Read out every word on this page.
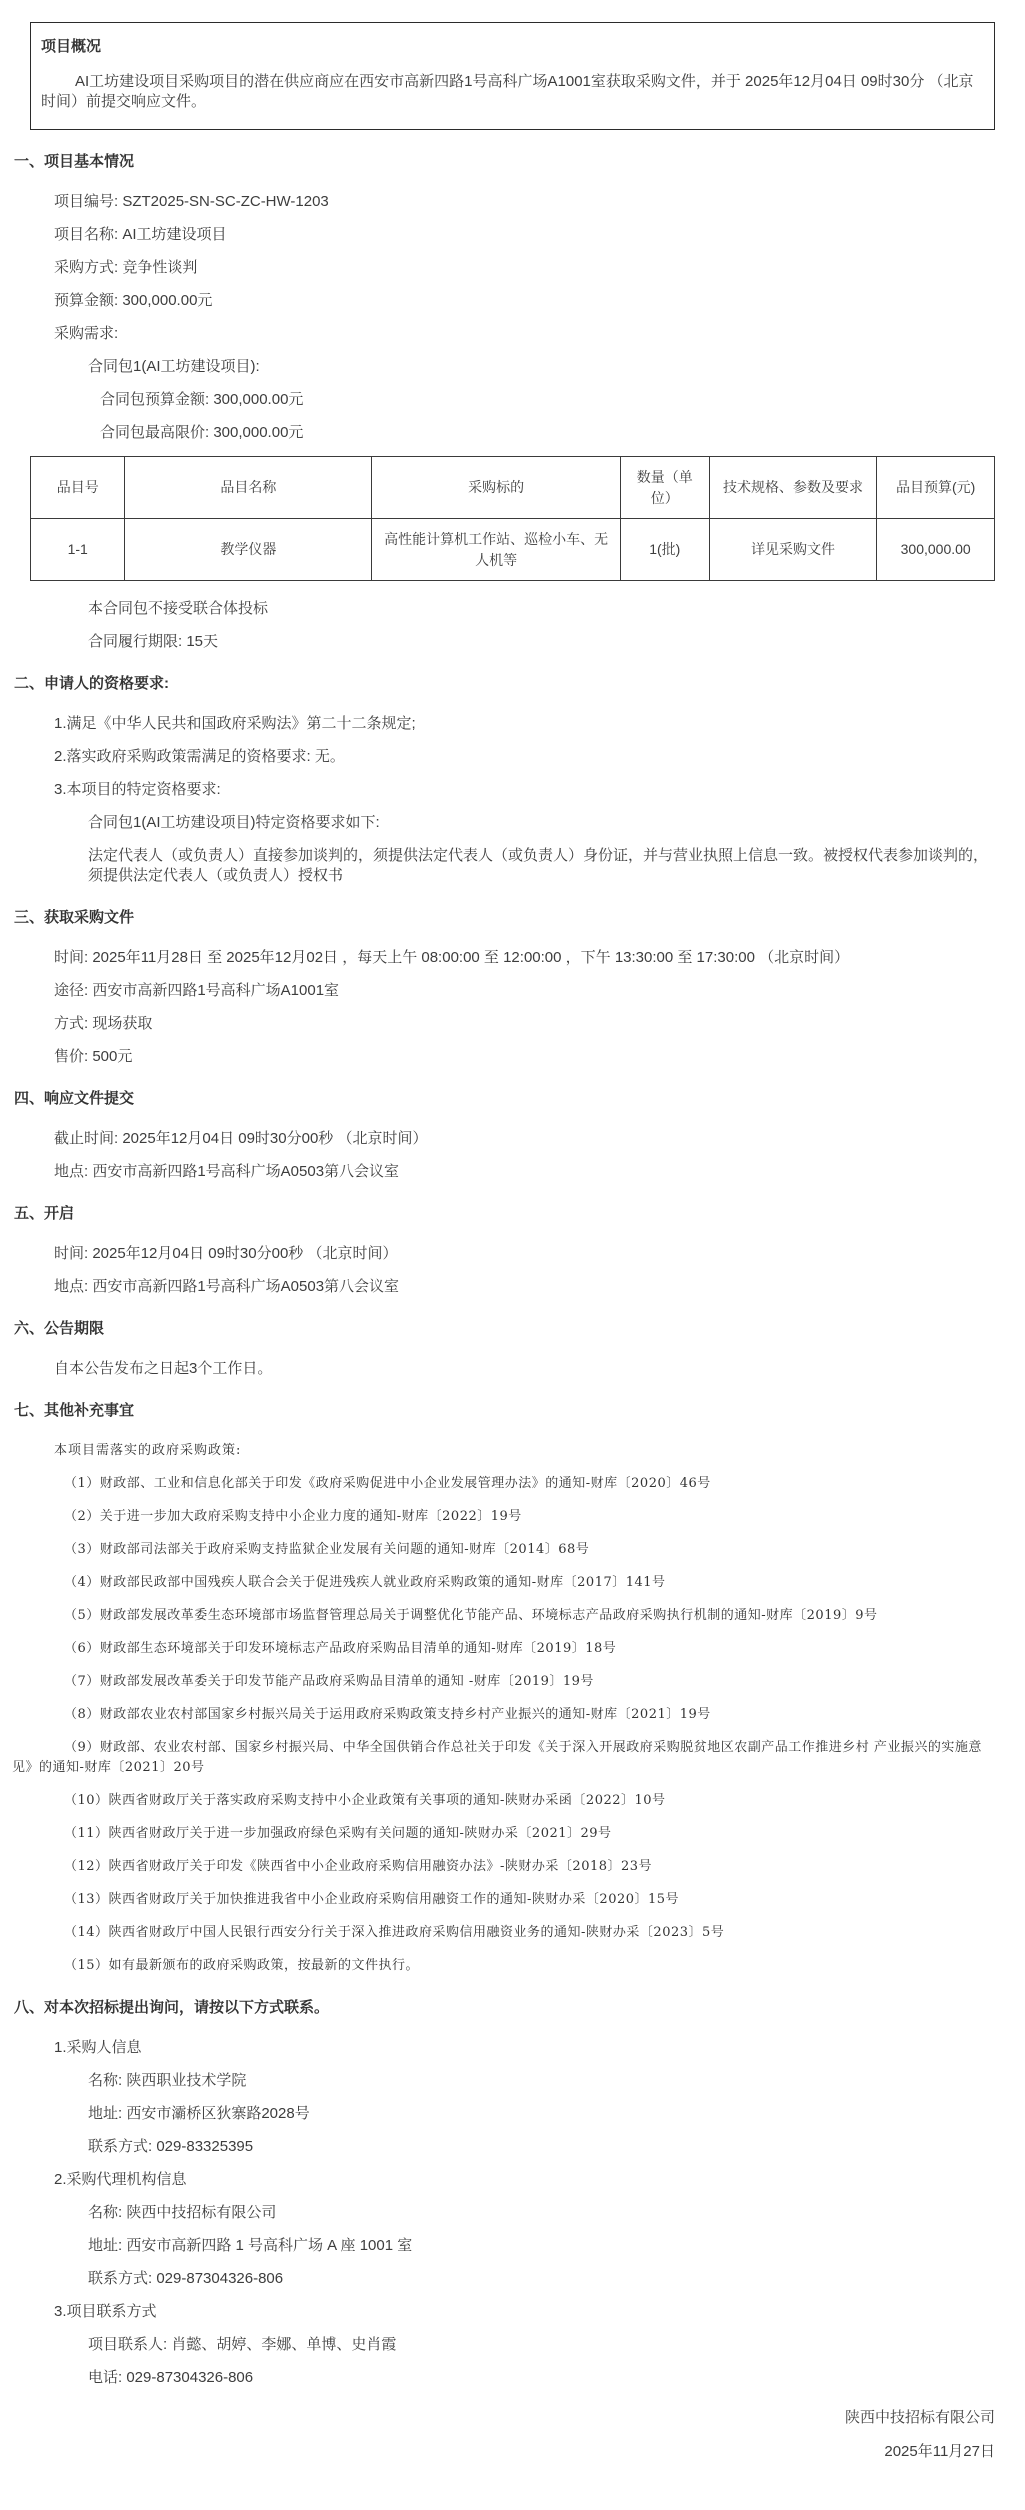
项目概况

AI工坊建设项目采购项目的潜在供应商应在西安市高新四路1号高科广场A1001室获取采购文件，并于 2025年12月04日 09时30分 （北京时间）前提交响应文件。

一、项目基本情况

项目编号: SZT2025-SN-SC-ZC-HW-1203

项目名称: AI工坊建设项目

采购方式: 竞争性谈判

预算金额: 300,000.00元

采购需求:

合同包1(AI工坊建设项目):

合同包预算金额: 300,000.00元

合同包最高限价: 300,000.00元

品目号	品目名称	采购标的	数量（单位）	技术规格、参数及要求	品目预算(元)
1-1	教学仪器	高性能计算机工作站、巡检小车、无人机等	1(批)	详见采购文件	300,000.00

本合同包不接受联合体投标

合同履行期限: 15天

二、申请人的资格要求:

1.满足《中华人民共和国政府采购法》第二十二条规定;

2.落实政府采购政策需满足的资格要求: 无。

3.本项目的特定资格要求:

合同包1(AI工坊建设项目)特定资格要求如下:

法定代表人（或负责人）直接参加谈判的，须提供法定代表人（或负责人）身份证，并与营业执照上信息一致。被授权代表参加谈判的，须提供法定代表人（或负责人）授权书

三、获取采购文件

时间: 2025年11月28日 至 2025年12月02日 ，每天上午 08:00:00 至 12:00:00 ，下午 13:30:00 至 17:30:00 （北京时间）

途径: 西安市高新四路1号高科广场A1001室

方式: 现场获取

售价: 500元

四、响应文件提交

截止时间: 2025年12月04日 09时30分00秒 （北京时间）

地点: 西安市高新四路1号高科广场A0503第八会议室

五、开启

时间: 2025年12月04日 09时30分00秒 （北京时间）

地点: 西安市高新四路1号高科广场A0503第八会议室

六、公告期限

自本公告发布之日起3个工作日。

七、其他补充事宜

本项目需落实的政府采购政策:

（1）财政部、工业和信息化部关于印发《政府采购促进中小企业发展管理办法》的通知-财库〔2020〕46号

（2）关于进一步加大政府采购支持中小企业力度的通知-财库〔2022〕19号

（3）财政部司法部关于政府采购支持监狱企业发展有关问题的通知-财库〔2014〕68号

（4）财政部民政部中国残疾人联合会关于促进残疾人就业政府采购政策的通知-财库〔2017〕141号

（5）财政部发展改革委生态环境部市场监督管理总局关于调整优化节能产品、环境标志产品政府采购执行机制的通知-财库〔2019〕9号

（6）财政部生态环境部关于印发环境标志产品政府采购品目清单的通知-财库〔2019〕18号

（7）财政部发展改革委关于印发节能产品政府采购品目清单的通知 -财库〔2019〕19号

（8）财政部农业农村部国家乡村振兴局关于运用政府采购政策支持乡村产业振兴的通知-财库〔2021〕19号

（9）财政部、农业农村部、国家乡村振兴局、中华全国供销合作总社关于印发《关于深入开展政府采购脱贫地区农副产品工作推进乡村 产业振兴的实施意见》的通知-财库〔2021〕20号

（10）陕西省财政厅关于落实政府采购支持中小企业政策有关事项的通知-陕财办采函〔2022〕10号

（11）陕西省财政厅关于进一步加强政府绿色采购有关问题的通知-陕财办采〔2021〕29号

（12）陕西省财政厅关于印发《陕西省中小企业政府采购信用融资办法》-陕财办采〔2018〕23号

（13）陕西省财政厅关于加快推进我省中小企业政府采购信用融资工作的通知-陕财办采〔2020〕15号

（14）陕西省财政厅中国人民银行西安分行关于深入推进政府采购信用融资业务的通知-陕财办采〔2023〕5号

（15）如有最新颁布的政府采购政策，按最新的文件执行。

八、对本次招标提出询问，请按以下方式联系。

1.采购人信息

名称: 陕西职业技术学院

地址: 西安市灞桥区狄寨路2028号

联系方式: 029-83325395

2.采购代理机构信息

名称: 陕西中技招标有限公司

地址: 西安市高新四路 1 号高科广场 A 座 1001 室

联系方式: 029-87304326-806

3.项目联系方式

项目联系人: 肖懿、胡婷、李娜、单博、史肖霞

电话: 029-87304326-806

陕西中技招标有限公司

2025年11月27日
